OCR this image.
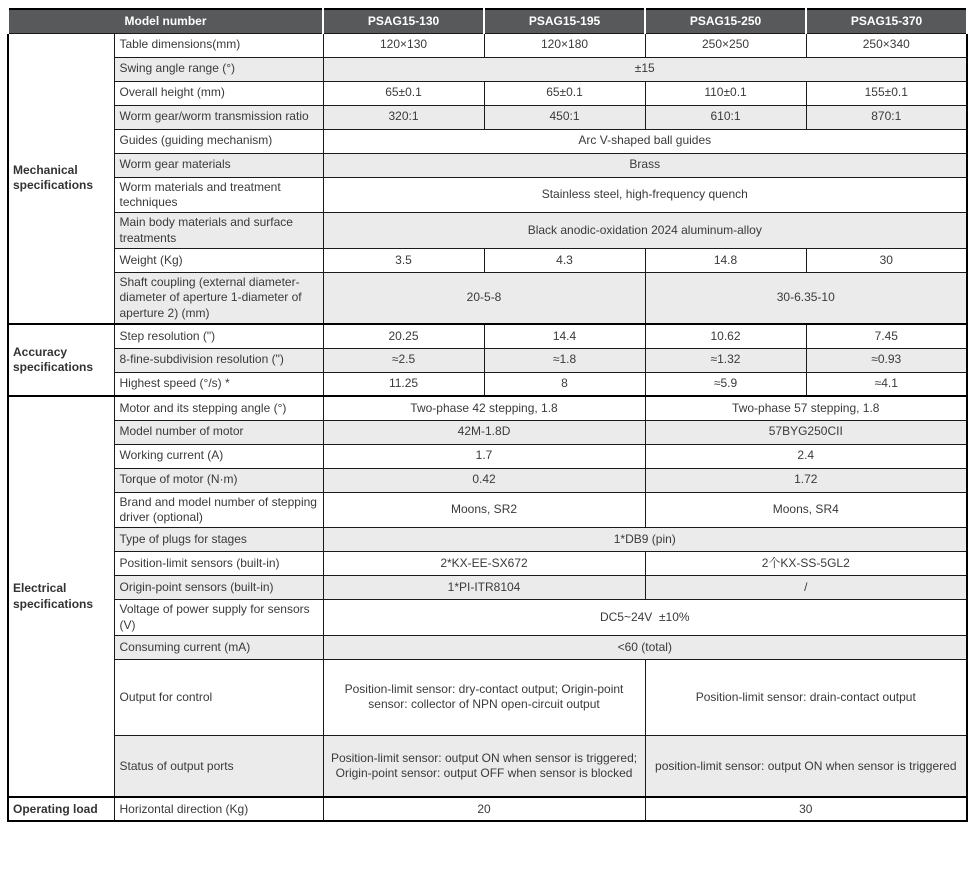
Model number		PSAG15-130	PSAG15-195	PSAG15-250	PSAG15-370
Mechanical specifications	Table dimensions(mm)	120×130	120×180	250×250	250×340
	Swing angle range (°)	±15			
	Overall height (mm)	65±0.1	65±0.1	110±0.1	155±0.1
	Worm gear/worm transmission ratio	320:1	450:1	610:1	870:1
	Guides (guiding mechanism)	Arc V-shaped ball guides			
	Worm gear materials	Brass			
	Worm materials and treatment techniques	Stainless steel, high-frequency quench			
	Main body materials and surface treatments	Black anodic-oxidation 2024 aluminum-alloy			
	Weight (Kg)	3.5	4.3	14.8	30
	Shaft coupling (external diameter-diameter of aperture 1-diameter of aperture 2) (mm)	20-5-8		30-6.35-10	
Accuracy specifications	Step resolution (")	20.25	14.4	10.62	7.45
	8-fine-subdivision resolution (")	≈2.5	≈1.8	≈1.32	≈0.93
	Highest speed (°/s) *	11.25	8	≈5.9	≈4.1
Electrical specifications	Motor and its stepping angle (°)	Two-phase 42 stepping, 1.8		Two-phase 57 stepping, 1.8	
	Model number of motor	42M-1.8D		57BYG250CII	
	Working current (A)	1.7		2.4	
	Torque of motor (N·m)	0.42		1.72	
	Brand and model number of stepping driver (optional)	Moons, SR2		Moons, SR4	
	Type of plugs for stages	1*DB9 (pin)			
	Position-limit sensors (built-in)	2*KX-EE-SX672		2个KX-SS-5GL2	
	Origin-point sensors (built-in)	1*PI-ITR8104		/	
	Voltage of power supply for sensors (V)	DC5~24V  ±10%			
	Consuming current (mA)	<60 (total)			
	Output for control	Position-limit sensor: dry-contact output; Origin-point sensor: collector of NPN open-circuit output		Position-limit sensor: drain-contact output	
	Status of output ports	Position-limit sensor: output ON when sensor is triggered; Origin-point sensor: output OFF when sensor is blocked		position-limit sensor: output ON when sensor is triggered	
Operating load	Horizontal direction (Kg)	20		30	
